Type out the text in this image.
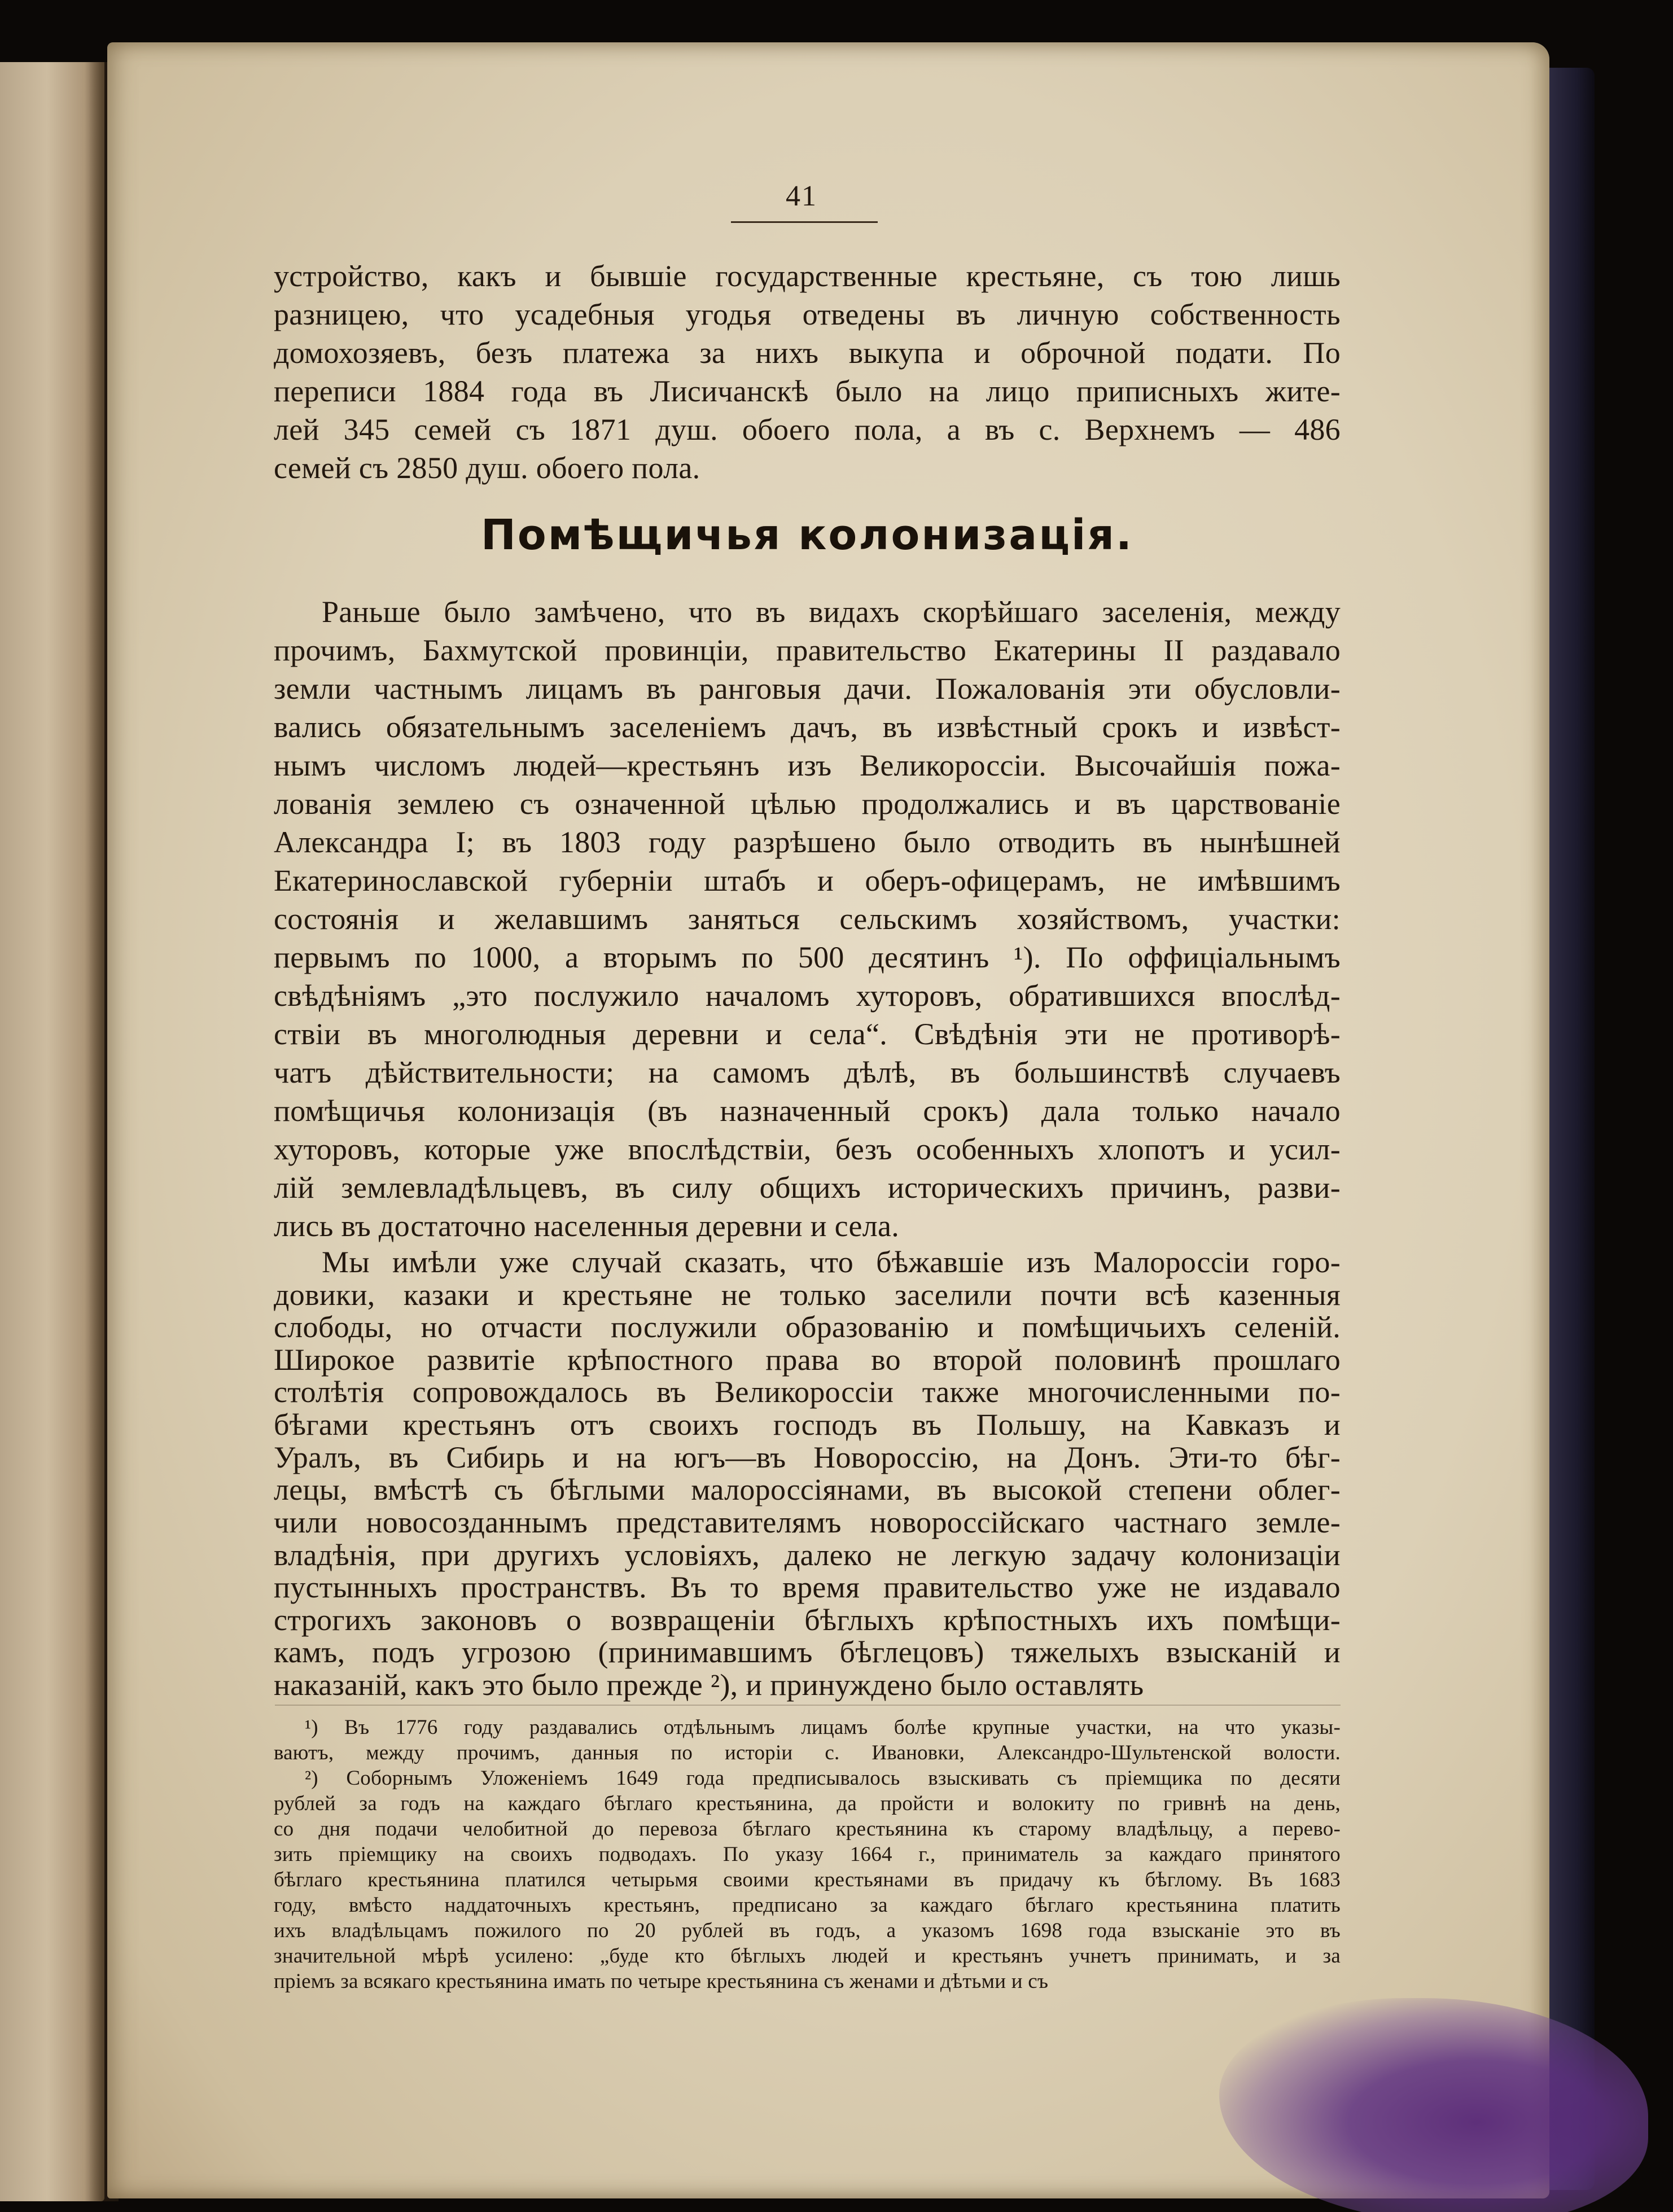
41
устройство, какъ и бывшіе государственные крестьяне, съ тою лишь
разницею, что усадебныя угодья отведены въ личную собственность
домохозяевъ, безъ платежа за нихъ выкупа и оброчной подати. По
переписи 1884 года въ Лисичанскѣ было на лицо приписныхъ жите-
лей 345 семей съ 1871 душ. обоего пола, а въ с. Верхнемъ — 486
семей съ 2850 душ. обоего пола.
Помѣщичья колонизація.
Раньше было замѣчено, что въ видахъ скорѣйшаго заселенія, между
прочимъ, Бахмутской провинціи, правительство Екатерины II раздавало
земли частнымъ лицамъ въ ранговыя дачи. Пожалованія эти обусловли-
вались обязательнымъ заселеніемъ дачъ, въ извѣстный срокъ и извѣст-
нымъ числомъ людей—крестьянъ изъ Великороссіи. Высочайшія пожа-
лованія землею съ означенной цѣлью продолжались и въ царствованіе
Александра I; въ 1803 году разрѣшено было отводить въ нынѣшней
Екатеринославской губерніи штабъ и оберъ-офицерамъ, не имѣвшимъ
состоянія и желавшимъ заняться сельскимъ хозяйствомъ, участки:
первымъ по 1000, а вторымъ по 500 десятинъ ¹). По оффиціальнымъ
свѣдѣніямъ „это послужило началомъ хуторовъ, обратившихся впослѣд-
ствіи въ многолюдныя деревни и села“. Свѣдѣнія эти не противорѣ-
чатъ дѣйствительности; на самомъ дѣлѣ, въ большинствѣ случаевъ
помѣщичья колонизація (въ назначенный срокъ) дала только начало
хуторовъ, которые уже впослѣдствіи, безъ особенныхъ хлопотъ и усил-
лій землевладѣльцевъ, въ силу общихъ историческихъ причинъ, разви-
лись въ достаточно населенныя деревни и села.
Мы имѣли уже случай сказать, что бѣжавшіе изъ Малороссіи горо-
довики, казаки и крестьяне не только заселили почти всѣ казенныя
слободы, но отчасти послужили образованію и помѣщичьихъ селеній.
Широкое развитіе крѣпостного права во второй половинѣ прошлаго
столѣтія сопровождалось въ Великороссіи также многочисленными по-
бѣгами крестьянъ отъ своихъ господъ въ Польшу, на Кавказъ и
Уралъ, въ Сибирь и на югъ—въ Новороссію, на Донъ. Эти-то бѣг-
лецы, вмѣстѣ съ бѣглыми малороссіянами, въ высокой степени облег-
чили новосозданнымъ представителямъ новороссійскаго частнаго земле-
владѣнія, при другихъ условіяхъ, далеко не легкую задачу колонизаціи
пустынныхъ пространствъ. Въ то время правительство уже не издавало
строгихъ законовъ о возвращеніи бѣглыхъ крѣпостныхъ ихъ помѣщи-
¹) Въ 1776 году раздавались отдѣльнымъ лицамъ болѣе крупные участки, на что указы-
ваютъ, между прочимъ, данныя по исторіи с. Ивановки, Александро-Шультенской волости.
²) Соборнымъ Уложеніемъ 1649 года предписывалось взыскивать съ пріемщика по десяти
рублей за годъ на каждаго бѣглаго крестьянина, да пройсти и волокиту по гривнѣ на день,
со дня подачи челобитной до перевоза бѣглаго крестьянина къ старому владѣльцу, а перево-
зить пріемщику на своихъ подводахъ. По указу 1664 г., приниматель за каждаго принятого
бѣглаго крестьянина платился четырьмя своими крестьянами въ придачу къ бѣглому. Въ 1683
году, вмѣсто наддаточныхъ крестьянъ, предписано за каждаго бѣглаго крестьянина платить
ихъ владѣльцамъ пожилого по 20 рублей въ годъ, а указомъ 1698 года взысканіе это въ
значительной мѣрѣ усилено: „буде кто бѣглыхъ людей и крестьянъ учнетъ принимать, и за
пріемъ за всякаго крестьянина имать по четыре крестьянина съ женами и дѣтьми и съ
камъ, подъ угрозою (принимавшимъ бѣглецовъ) тяжелыхъ взысканій и
наказаній, какъ это было прежде ²), и принуждено было оставлять
